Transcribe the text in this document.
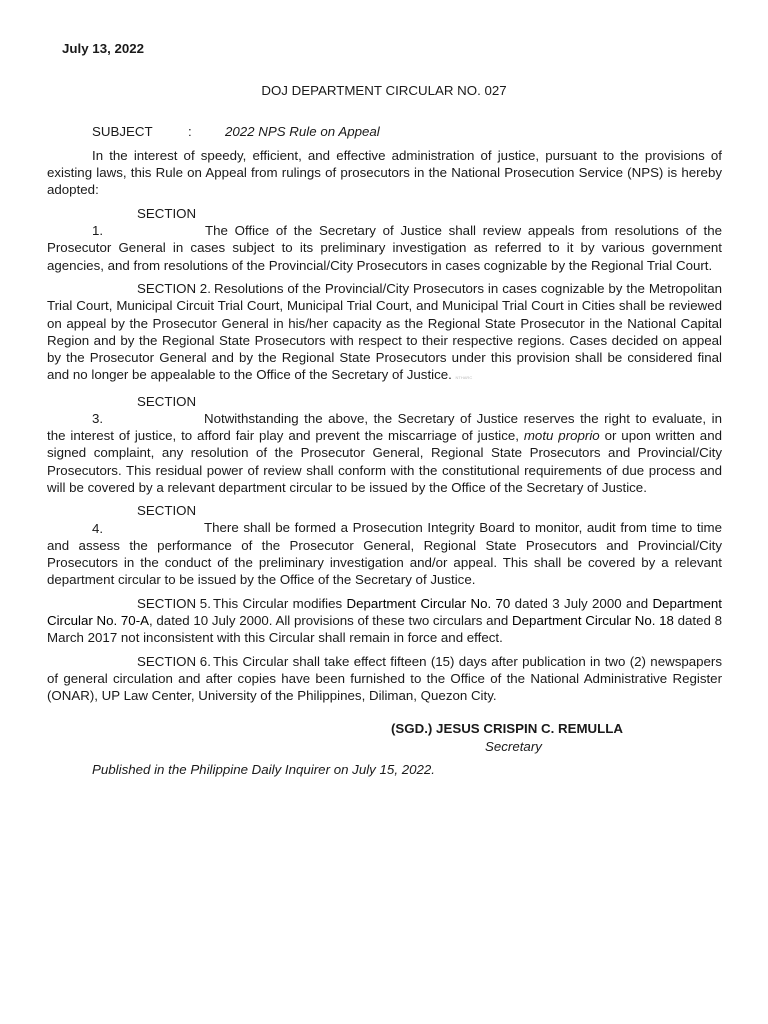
July 13, 2022
DOJ DEPARTMENT CIRCULAR NO. 027
SUBJECT	:	2022 NPS Rule on Appeal

In the interest of speedy, efficient, and effective administration of justice, pursuant to the provisions of existing laws, this Rule on Appeal from rulings of prosecutors in the National Prosecution Service (NPS) is hereby adopted:

SECTION 1.	The Office of the Secretary of Justice shall review appeals from resolutions of the Prosecutor General in cases subject to its preliminary investigation as referred to it by various government agencies, and from resolutions of the Provincial/City Prosecutors in cases cognizable by the Regional Trial Court.

SECTION 2. Resolutions of the Provincial/City Prosecutors in cases cognizable by the Metropolitan Trial Court, Municipal Circuit Trial Court, Municipal Trial Court, and Municipal Trial Court in Cities shall be reviewed on appeal by the Prosecutor General in his/her capacity as the Regional State Prosecutor in the National Capital Region and by the Regional State Prosecutors with respect to their respective regions. Cases decided on appeal by the Prosecutor General and by the Regional State Prosecutors under this provision shall be considered final and no longer be appealable to the Office of the Secretary of Justice. NTHARC

SECTION 3.	Notwithstanding the above, the Secretary of Justice reserves the right to evaluate, in the interest of justice, to afford fair play and prevent the miscarriage of justice, motu proprio or upon written and signed complaint, any resolution of the Prosecutor General, Regional State Prosecutors and Provincial/City Prosecutors. This residual power of review shall conform with the constitutional requirements of due process and will be covered by a relevant department circular to be issued by the Office of the Secretary of Justice.

SECTION 4.	There shall be formed a Prosecution Integrity Board to monitor, audit from time to time and assess the performance of the Prosecutor General, Regional State Prosecutors and Provincial/City Prosecutors in the conduct of the preliminary investigation and/or appeal. This shall be covered by a relevant department circular to be issued by the Office of the Secretary of Justice.

SECTION 5. This Circular modifies Department Circular No. 70 dated 3 July 2000 and Department Circular No. 70-A, dated 10 July 2000. All provisions of these two circulars and Department Circular No. 18 dated 8 March 2017 not inconsistent with this Circular shall remain in force and effect.

SECTION 6. This Circular shall take effect fifteen (15) days after publication in two (2) newspapers of general circulation and after copies have been furnished to the Office of the National Administrative Register (ONAR), UP Law Center, University of the Philippines, Diliman, Quezon City.

(SGD.) JESUS CRISPIN C. REMULLA
Secretary
Published in the Philippine Daily Inquirer on July 15, 2022.
